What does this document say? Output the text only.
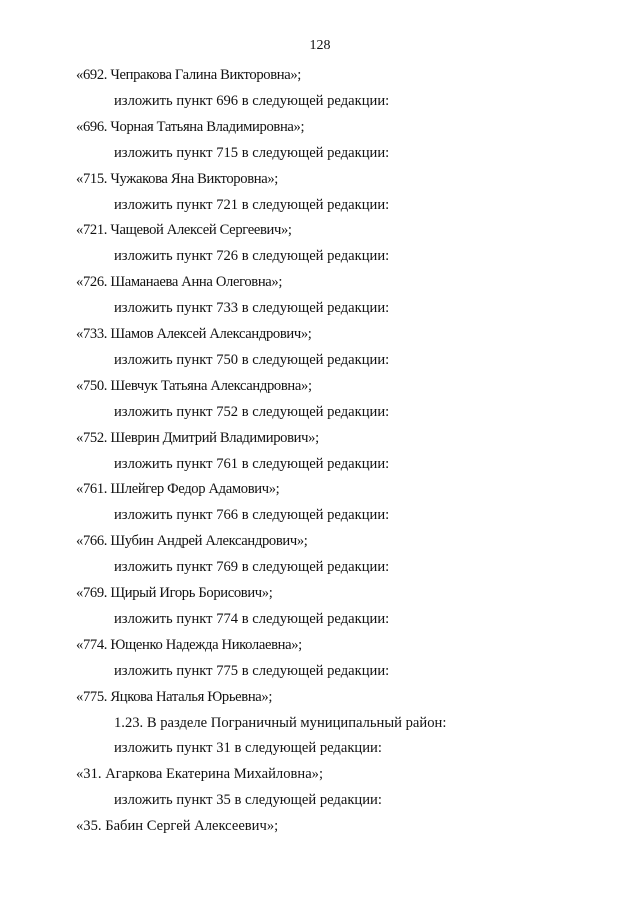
128
«692. Чепракова Галина Викторовна»;
изложить пункт 696 в следующей редакции:
«696. Чорная Татьяна Владимировна»;
изложить пункт 715 в следующей редакции:
«715. Чужакова Яна Викторовна»;
изложить пункт 721 в следующей редакции:
«721. Чащевой Алексей Сергеевич»;
изложить пункт 726 в следующей редакции:
«726. Шаманаева Анна Олеговна»;
изложить пункт 733 в следующей редакции:
«733. Шамов Алексей Александрович»;
изложить пункт 750 в следующей редакции:
«750. Шевчук Татьяна Александровна»;
изложить пункт 752 в следующей редакции:
«752. Шеврин Дмитрий Владимирович»;
изложить пункт 761 в следующей редакции:
«761. Шлейгер Федор Адамович»;
изложить пункт 766 в следующей редакции:
«766. Шубин Андрей Александрович»;
изложить пункт 769 в следующей редакции:
«769. Щирый Игорь Борисович»;
изложить пункт 774 в следующей редакции:
«774. Ющенко Надежда Николаевна»;
изложить пункт 775 в следующей редакции:
«775. Яцкова Наталья Юрьевна»;
1.23. В разделе Пограничный муниципальный район:
изложить пункт 31 в следующей редакции:
«31. Агаркова Екатерина Михайловна»;
изложить пункт 35 в следующей редакции:
«35. Бабин Сергей Алексеевич»;
